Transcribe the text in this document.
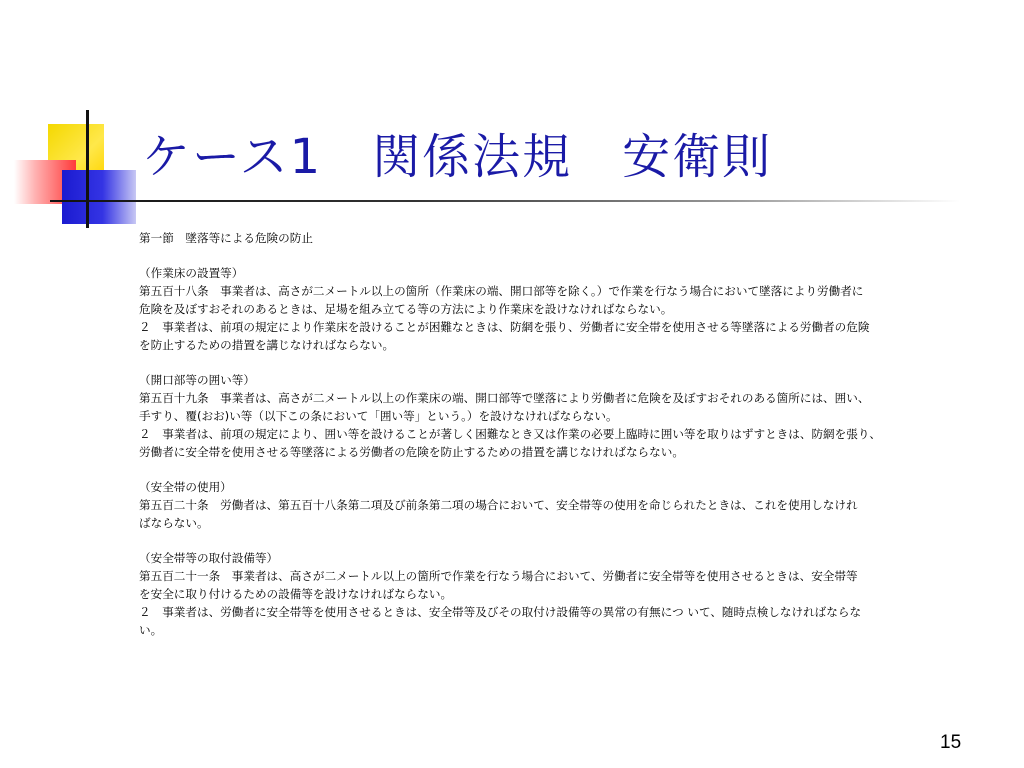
ケース1　関係法規　安衛則
第一節　墜落等による危険の防止
（作業床の設置等）
第五百十八条　事業者は、高さが二メートル以上の箇所（作業床の端、開口部等を除く。）で作業を行なう場合において墜落により労働者に
危険を及ぼすおそれのあるときは、足場を組み立てる等の方法により作業床を設けなければならない。
２　事業者は、前項の規定により作業床を設けることが困難なときは、防網を張り、労働者に安全帯を使用させる等墜落による労働者の危険
を防止するための措置を講じなければならない。
（開口部等の囲い等）
第五百十九条　事業者は、高さが二メートル以上の作業床の端、開口部等で墜落により労働者に危険を及ぼすおそれのある箇所には、囲い、
手すり、覆(おお)い等（以下この条において「囲い等」という。）を設けなければならない。
２　事業者は、前項の規定により、囲い等を設けることが著しく困難なとき又は作業の必要上臨時に囲い等を取りはずすときは、防網を張り、
労働者に安全帯を使用させる等墜落による労働者の危険を防止するための措置を講じなければならない。
（安全帯の使用）
第五百二十条　労働者は、第五百十八条第二項及び前条第二項の場合において、安全帯等の使用を命じられたときは、これを使用しなけれ
ばならない。
（安全帯等の取付設備等）
第五百二十一条　事業者は、高さが二メートル以上の箇所で作業を行なう場合において、労働者に安全帯等を使用させるときは、安全帯等
を安全に取り付けるための設備等を設けなければならない。
２　事業者は、労働者に安全帯等を使用させるときは、安全帯等及びその取付け設備等の異常の有無につ いて、随時点検しなければならな
い。
15
